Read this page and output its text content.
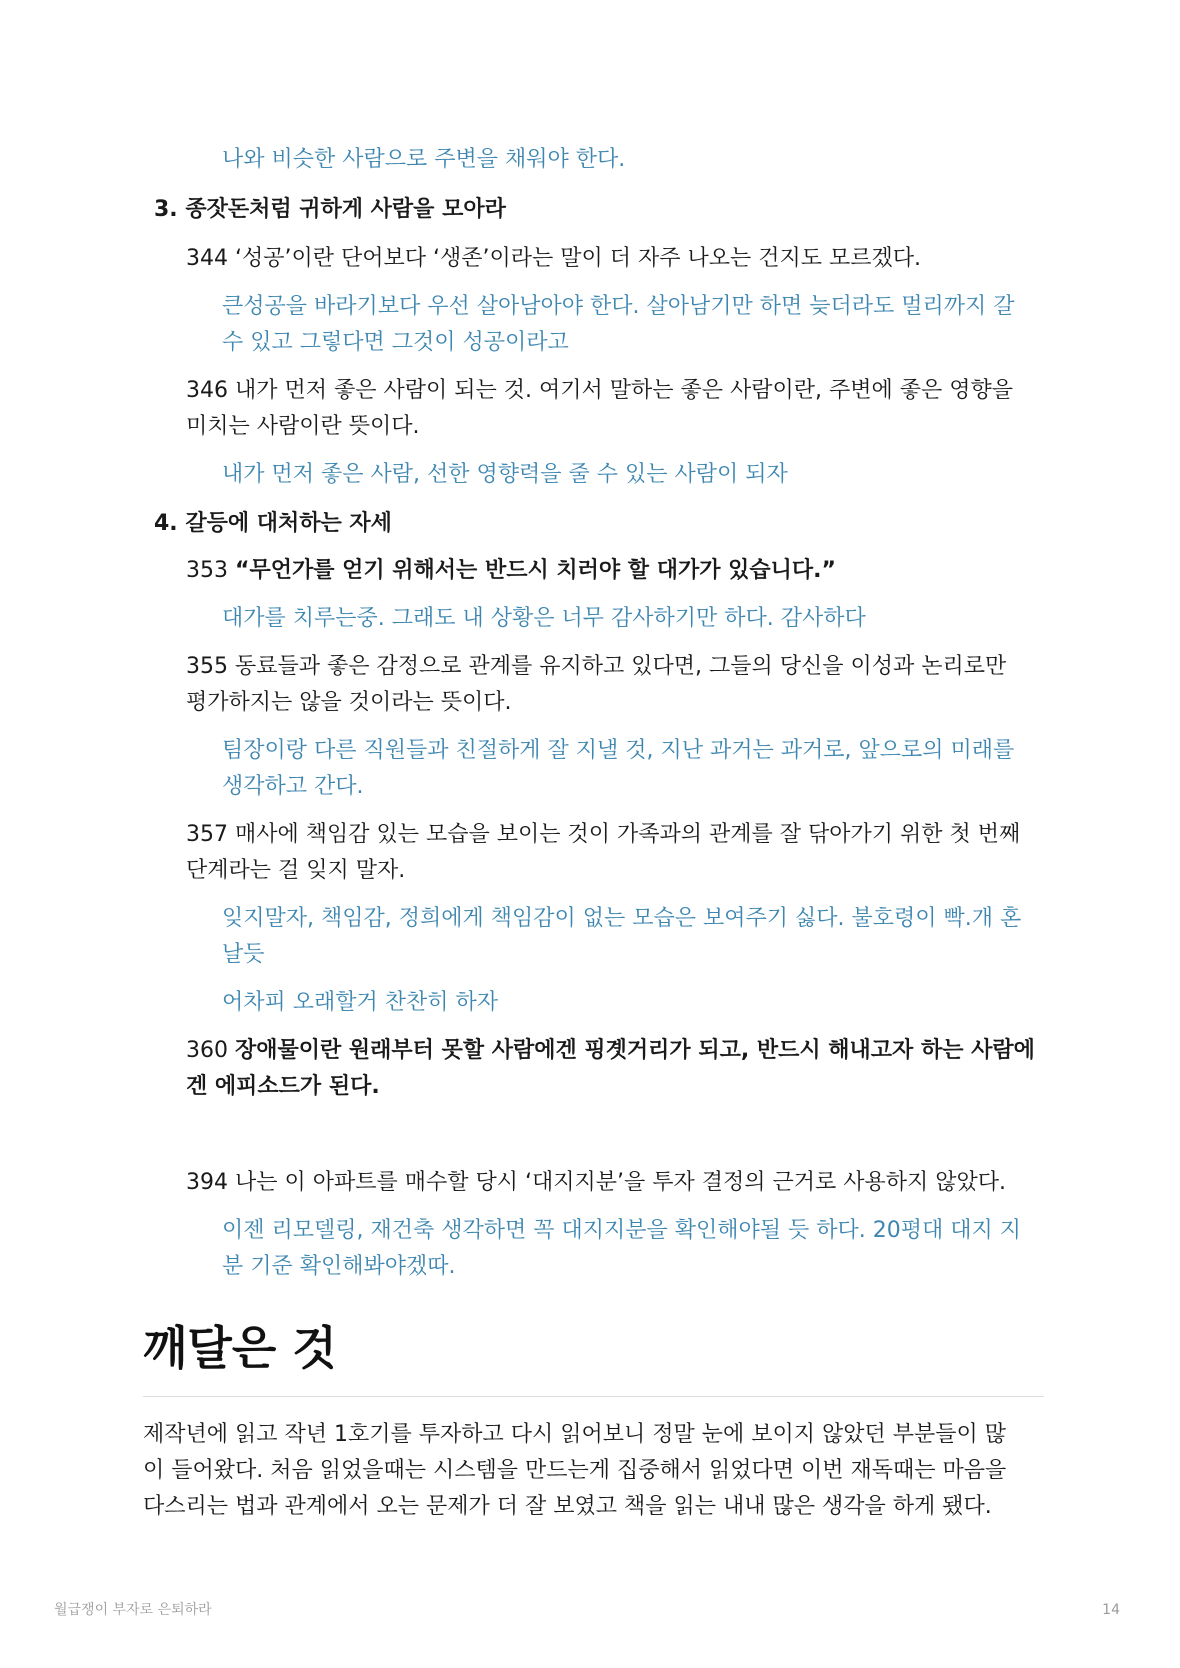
나와 비슷한 사람으로 주변을 채워야 한다.
3. 종잣돈처럼 귀하게 사람을 모아라
344 ‘성공’이란 단어보다 ‘생존’이라는 말이 더 자주 나오는 건지도 모르겠다.
큰성공을 바라기보다 우선 살아남아야 한다. 살아남기만 하면 늦더라도 멀리까지 갈
수 있고 그렇다면 그것이 성공이라고
346 내가 먼저 좋은 사람이 되는 것. 여기서 말하는 좋은 사람이란, 주변에 좋은 영향을
미치는 사람이란 뜻이다.
내가 먼저 좋은 사람, 선한 영향력을 줄 수 있는 사람이 되자
4. 갈등에 대처하는 자세
353 “무언가를 얻기 위해서는 반드시 치러야 할 대가가 있습니다.”
대가를 치루는중. 그래도 내 상황은 너무 감사하기만 하다. 감사하다
355 동료들과 좋은 감정으로 관계를 유지하고 있다면, 그들의 당신을 이성과 논리로만
평가하지는 않을 것이라는 뜻이다.
팀장이랑 다른 직원들과 친절하게 잘 지낼 것, 지난 과거는 과거로, 앞으로의 미래를
생각하고 간다.
357 매사에 책임감 있는 모습을 보이는 것이 가족과의 관계를 잘 닦아가기 위한 첫 번째
단계라는 걸 잊지 말자.
잊지말자, 책임감, 정희에게 책임감이 없는 모습은 보여주기 싫다. 불호령이 빡.개 혼
날듯
어차피 오래할거 찬찬히 하자
360 장애물이란 원래부터 못할 사람에겐 핑곗거리가 되고, 반드시 해내고자 하는 사람에
겐 에피소드가 된다.
394 나는 이 아파트를 매수할 당시 ‘대지지분’을 투자 결정의 근거로 사용하지 않았다.
이젠 리모델링, 재건축 생각하면 꼭 대지지분을 확인해야될 듯 하다. 20평대 대지 지
분 기준 확인해봐야겠따.
깨달은 것
제작년에 읽고 작년 1호기를 투자하고 다시 읽어보니 정말 눈에 보이지 않았던 부분들이 많
이 들어왔다. 처음 읽었을때는 시스템을 만드는게 집중해서 읽었다면 이번 재독때는 마음을
다스리는 법과 관계에서 오는 문제가 더 잘 보였고 책을 읽는 내내 많은 생각을 하게 됐다.
월급쟁이 부자로 은퇴하라	14
